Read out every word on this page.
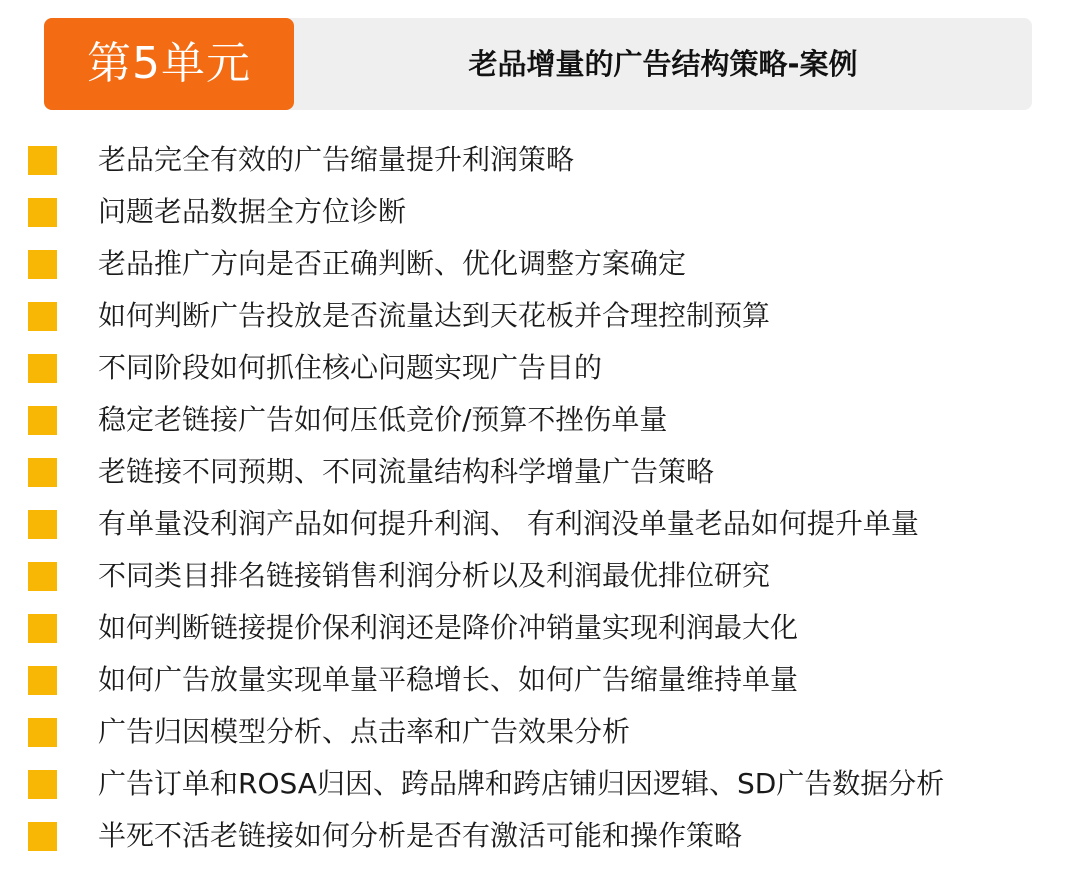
第5单元	老品增量的广告结构策略-案例
老品完全有效的广告缩量提升利润策略
问题老品数据全方位诊断
老品推广方向是否正确判断、优化调整方案确定
如何判断广告投放是否流量达到天花板并合理控制预算
不同阶段如何抓住核心问题实现广告目的
稳定老链接广告如何压低竞价/预算不挫伤单量
老链接不同预期、不同流量结构科学增量广告策略
有单量没利润产品如何提升利润、 有利润没单量老品如何提升单量
不同类目排名链接销售利润分析以及利润最优排位研究
如何判断链接提价保利润还是降价冲销量实现利润最大化
如何广告放量实现单量平稳增长、如何广告缩量维持单量
广告归因模型分析、点击率和广告效果分析
广告订单和ROSA归因、跨品牌和跨店铺归因逻辑、SD广告数据分析
半死不活老链接如何分析是否有激活可能和操作策略
